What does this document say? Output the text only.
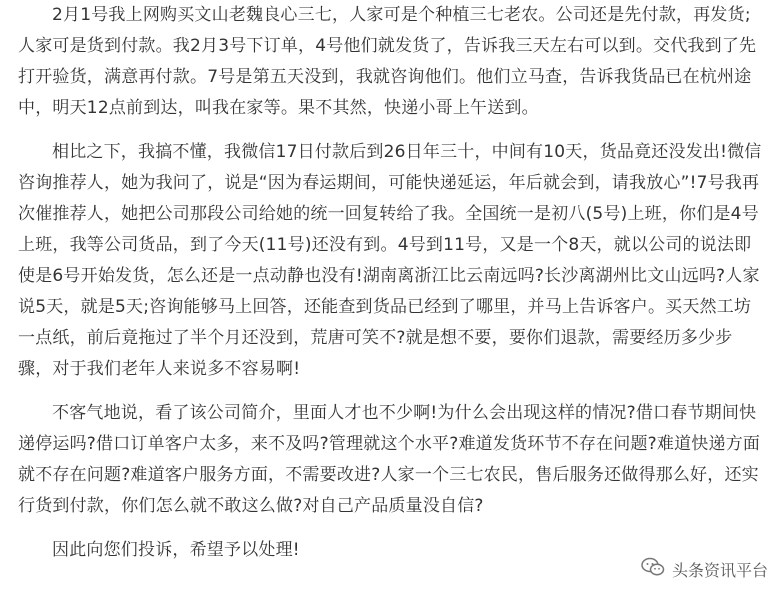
2月1号我上网购买文山老魏良心三七，人家可是个种植三七老农。公司还是先付款，再发货;人家可是货到付款。我2月3号下订单，4号他们就发货了，告诉我三天左右可以到。交代我到了先打开验货，满意再付款。7号是第五天没到，我就咨询他们。他们立马查，告诉我货品已在杭州途中，明天12点前到达，叫我在家等。果不其然，快递小哥上午送到。

相比之下，我搞不懂，我微信17日付款后到26日年三十，中间有10天，货品竟还没发出!微信咨询推荐人，她为我问了，说是“因为春运期间，可能快递延运，年后就会到，请我放心”!7号我再次催推荐人，她把公司那段公司给她的统一回复转给了我。全国统一是初八(5号)上班，你们是4号上班，我等公司货品，到了今天(11号)还没有到。4号到11号，又是一个8天，就以公司的说法即使是6号开始发货，怎么还是一点动静也没有!湖南离浙江比云南远吗?长沙离湖州比文山远吗?人家说5天，就是5天;咨询能够马上回答，还能查到货品已经到了哪里，并马上告诉客户。买天然工坊一点纸，前后竟拖过了半个月还没到，荒唐可笑不?就是想不要，要你们退款，需要经历多少步骤，对于我们老年人来说多不容易啊!

不客气地说，看了该公司简介，里面人才也不少啊!为什么会出现这样的情况?借口春节期间快递停运吗?借口订单客户太多，来不及吗?管理就这个水平?难道发货环节不存在问题?难道快递方面就不存在问题?难道客户服务方面，不需要改进?人家一个三七农民，售后服务还做得那么好，还实行货到付款，你们怎么就不敢这么做?对自己产品质量没自信?

因此向您们投诉，希望予以处理!

头条资讯平台
